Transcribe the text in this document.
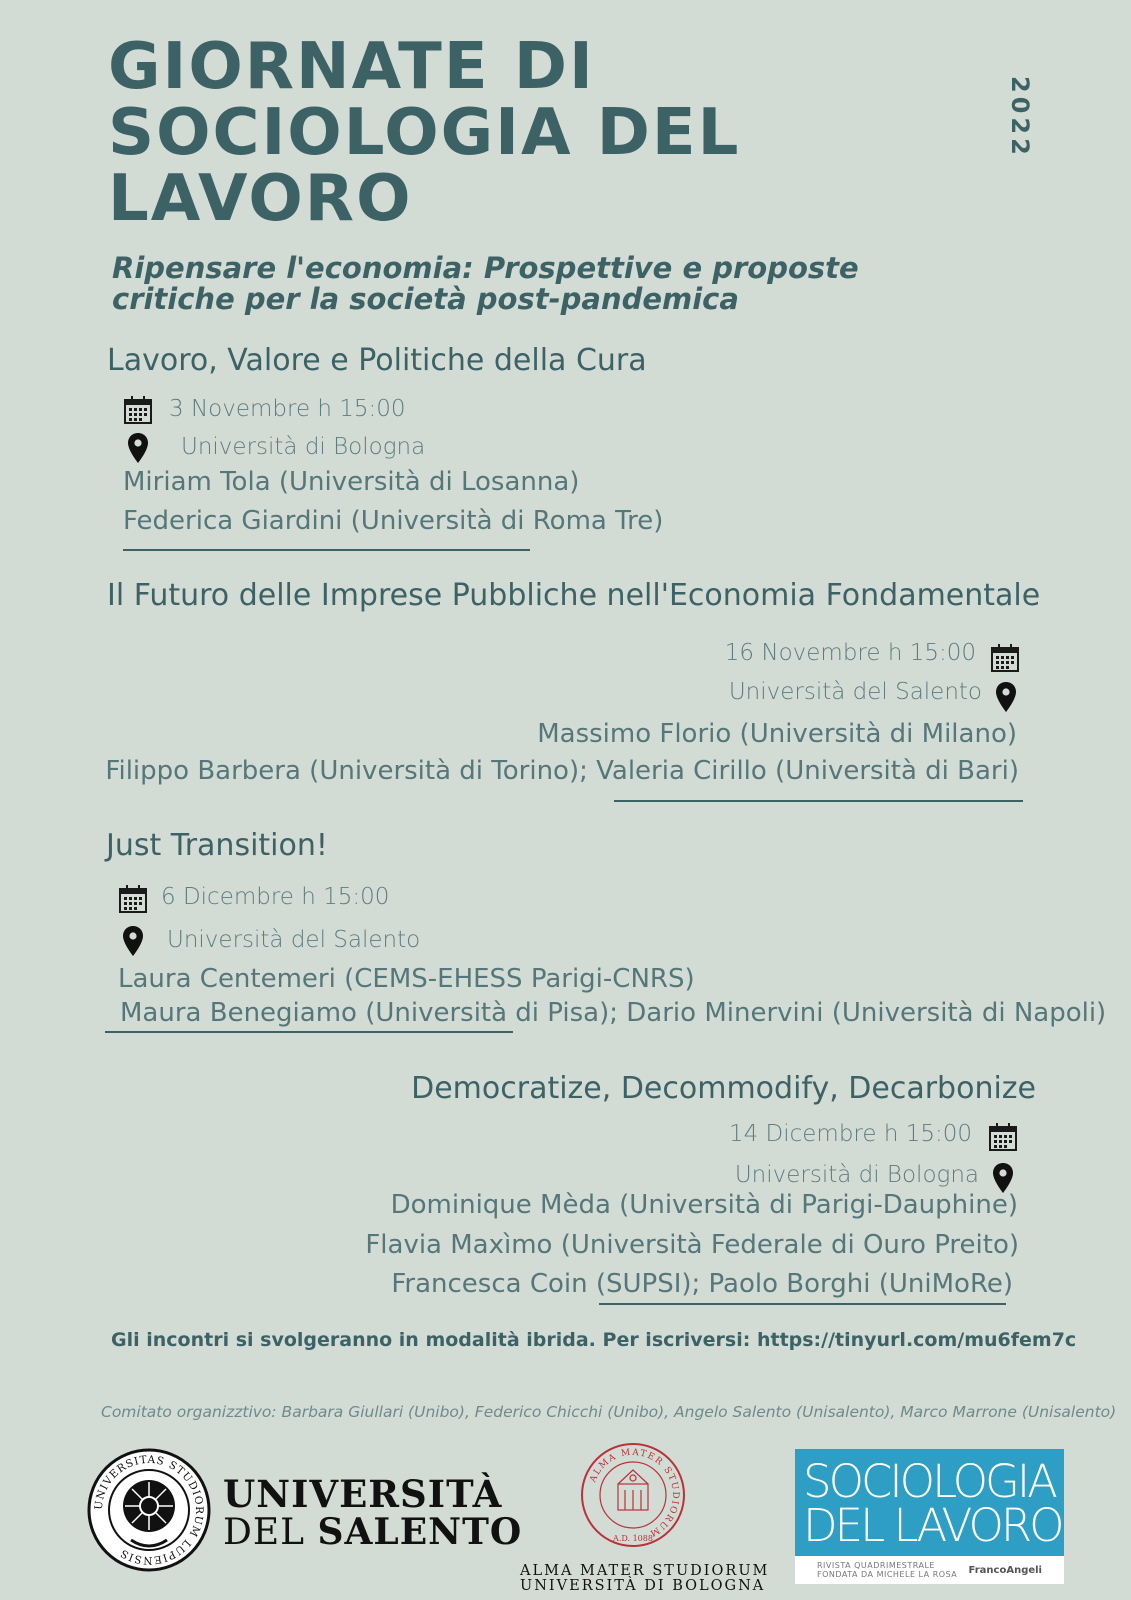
GIORNATE DI
SOCIOLOGIA DEL
LAVORO
2022
Ripensare l'economia: Prospettive e proposte
critiche per la società post-pandemica
Lavoro, Valore e Politiche della Cura
3 Novembre h 15:00
Università di Bologna
Miriam Tola (Università di Losanna)
Federica Giardini (Università di Roma Tre)
Il Futuro delle Imprese Pubbliche nell'Economia Fondamentale
16 Novembre h 15:00
Università del Salento
Massimo Florio (Università di Milano)
Filippo Barbera (Università di Torino); Valeria Cirillo (Università di Bari)
Just Transition!
6 Dicembre h 15:00
Università del Salento
Laura Centemeri (CEMS-EHESS Parigi-CNRS)
Maura Benegiamo (Università di Pisa); Dario Minervini (Università di Napoli)
Democratize, Decommodify, Decarbonize
14 Dicembre h 15:00
Università di Bologna
Dominique Mèda (Università di Parigi-Dauphine)
Flavia Maxìmo (Università Federale di Ouro Preito)
Francesca Coin (SUPSI); Paolo Borghi (UniMoRe)
Gli incontri si svolgeranno in modalità ibrida. Per iscriversi: https://tinyurl.com/mu6fem7c
Comitato organizztivo: Barbara Giullari (Unibo), Federico Chicchi (Unibo), Angelo Salento (Unisalento), Marco Marrone (Unisalento)
UNIVERSITAS STUDIORUM LUPIENSIS
UNIVERSITÀ
DEL SALENTO
ALMA MATER STUDIORUM
A.D. 1088
ALMA MATER STUDIORUM
UNIVERSITÀ DI BOLOGNA
SOCIOLOGIA
DEL LAVORO
RIVISTA QUADRIMESTRALE
FONDATA DA MICHELE LA ROSA FrancoAngeli
